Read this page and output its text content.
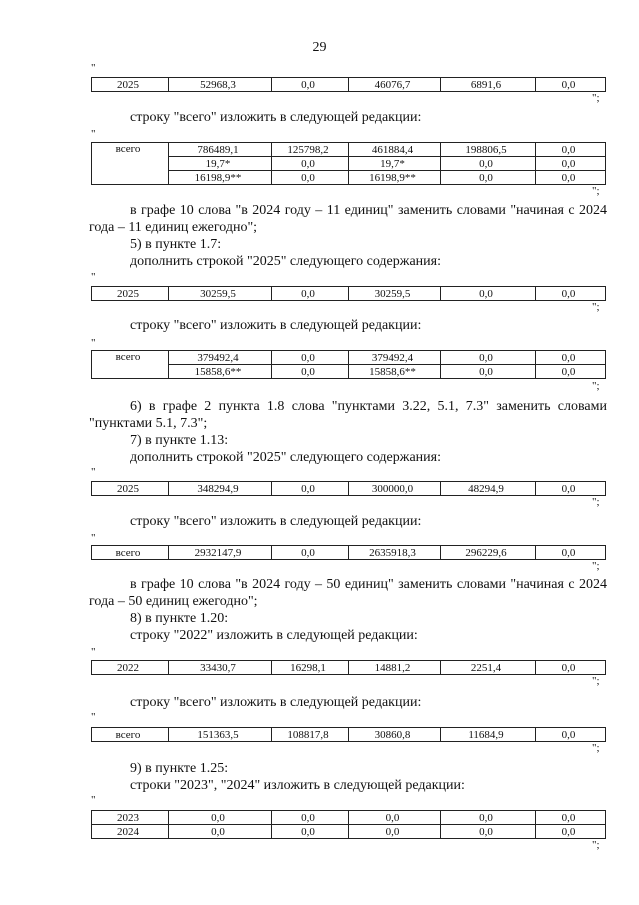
29
"
2025	52968,3	0,0	46076,7	6891,6	0,0
";
строку "всего" изложить в следующей редакции:
"
всего	786489,1	125798,2	461884,4	198806,5	0,0
	19,7*	0,0	19,7*	0,0	0,0
	16198,9**	0,0	16198,9**	0,0	0,0
";
в графе 10 слова "в 2024 году – 11 единиц" заменить словами "начиная с 2024 года – 11 единиц ежегодно";
5) в пункте 1.7:
дополнить строкой "2025" следующего содержания:
"
2025	30259,5	0,0	30259,5	0,0	0,0
";
строку "всего" изложить в следующей редакции:
"
всего	379492,4	0,0	379492,4	0,0	0,0
	15858,6**	0,0	15858,6**	0,0	0,0
";
6) в графе 2 пункта 1.8 слова "пунктами 3.22, 5.1, 7.3" заменить словами "пунктами 5.1, 7.3";
7) в пункте 1.13:
дополнить строкой "2025" следующего содержания:
"
2025	348294,9	0,0	300000,0	48294,9	0,0
";
строку "всего" изложить в следующей редакции:
"
всего	2932147,9	0,0	2635918,3	296229,6	0,0
";
в графе 10 слова "в 2024 году – 50 единиц" заменить словами "начиная с 2024 года – 50 единиц ежегодно";
8) в пункте 1.20:
строку "2022" изложить в следующей редакции:
"
2022	33430,7	16298,1	14881,2	2251,4	0,0
";
строку "всего" изложить в следующей редакции:
"
всего	151363,5	108817,8	30860,8	11684,9	0,0
";
9) в пункте 1.25:
строки "2023", "2024" изложить в следующей редакции:
"
2023	0,0	0,0	0,0	0,0	0,0
2024	0,0	0,0	0,0	0,0	0,0
";
